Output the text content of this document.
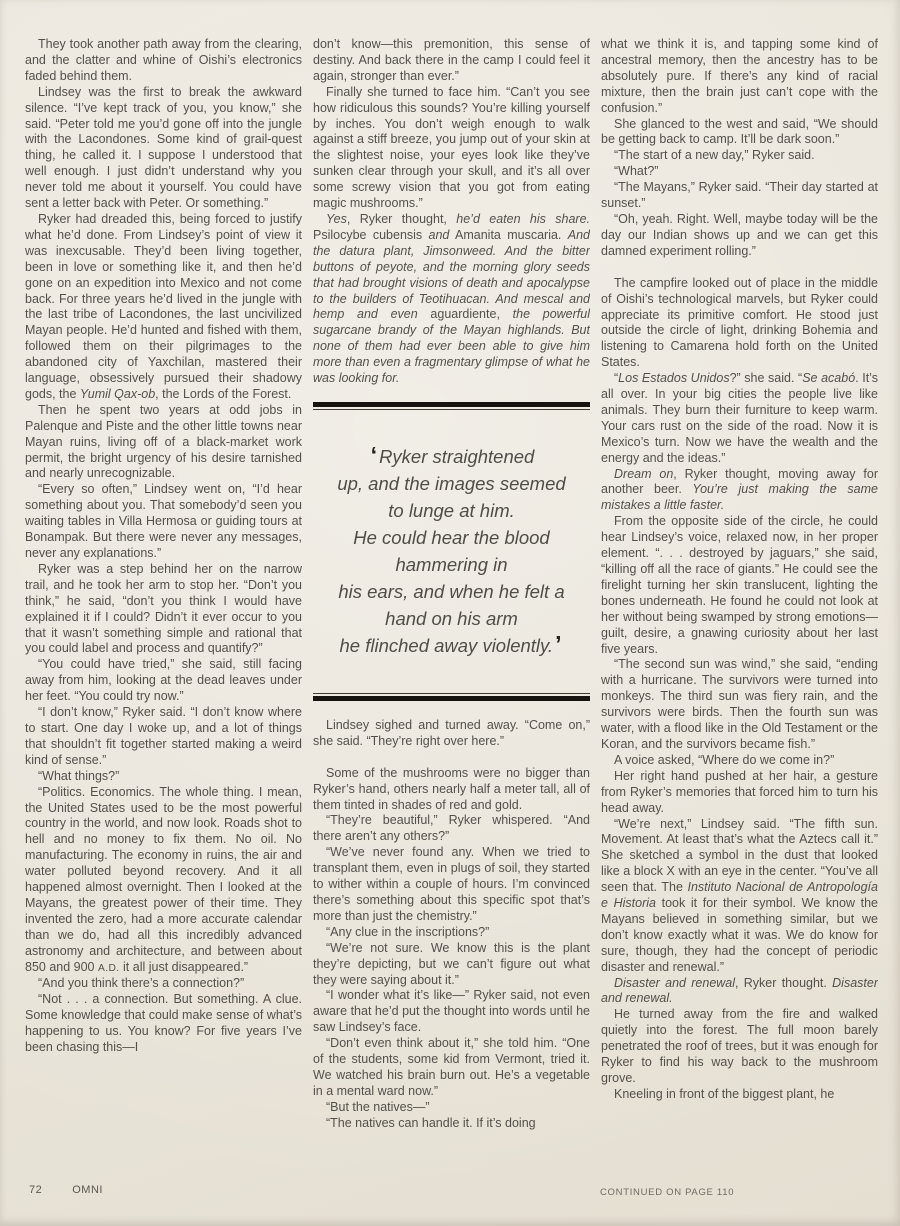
They took another path away from the clearing, and the clatter and whine of Oishi’s electronics faded behind them.

Lindsey was the first to break the awkward silence. “I’ve kept track of you, you know,” she said. “Peter told me you’d gone off into the jungle with the Lacondones. Some kind of grail-quest thing, he called it. I suppose I understood that well enough. I just didn’t understand why you never told me about it yourself. You could have sent a letter back with Peter. Or something.”

Ryker had dreaded this, being forced to justify what he’d done. From Lindsey’s point of view it was inexcusable. They’d been living together, been in love or something like it, and then he’d gone on an expedition into Mexico and not come back. For three years he’d lived in the jungle with the last tribe of Lacondones, the last uncivilized Mayan people. He’d hunted and fished with them, followed them on their pilgrimages to the abandoned city of Yaxchilan, mastered their language, obsessively pursued their shadowy gods, the Yumil Qax-ob, the Lords of the Forest.

Then he spent two years at odd jobs in Palenque and Piste and the other little towns near Mayan ruins, living off of a black-market work permit, the bright urgency of his desire tarnished and nearly unrecognizable.

“Every so often,” Lindsey went on, “I’d hear something about you. That somebody’d seen you waiting tables in Villa Hermosa or guiding tours at Bonampak. But there were never any messages, never any explanations.”

Ryker was a step behind her on the narrow trail, and he took her arm to stop her. “Don’t you think,” he said, “don’t you think I would have explained it if I could? Didn’t it ever occur to you that it wasn’t something simple and rational that you could label and process and quantify?”

“You could have tried,” she said, still facing away from him, looking at the dead leaves under her feet. “You could try now.”

“I don’t know,” Ryker said. “I don’t know where to start. One day I woke up, and a lot of things that shouldn’t fit together started making a weird kind of sense.”

“What things?”

“Politics. Economics. The whole thing. I mean, the United States used to be the most powerful country in the world, and now look. Roads shot to hell and no money to fix them. No oil. No manufacturing. The economy in ruins, the air and water polluted beyond recovery. And it all happened almost overnight. Then I looked at the Mayans, the greatest power of their time. They invented the zero, had a more accurate calendar than we do, had all this incredibly advanced astronomy and architecture, and between about 850 and 900 A.D. it all just disappeared.”

“And you think there’s a connection?”

“Not . . . a connection. But something. A clue. Some knowledge that could make sense of what’s happening to us. You know? For five years I’ve been chasing this—I

don’t know—this premonition, this sense of destiny. And back there in the camp I could feel it again, stronger than ever.”

Finally she turned to face him. “Can’t you see how ridiculous this sounds? You’re killing yourself by inches. You don’t weigh enough to walk against a stiff breeze, you jump out of your skin at the slightest noise, your eyes look like they’ve sunken clear through your skull, and it’s all over some screwy vision that you got from eating magic mushrooms.”

Yes, Ryker thought, he’d eaten his share. Psilocybe cubensis and Amanita muscaria. And the datura plant, Jimsonweed. And the bitter buttons of peyote, and the morning glory seeds that had brought visions of death and apocalypse to the builders of Teotihuacan. And mescal and hemp and even aguardiente, the powerful sugarcane brandy of the Mayan highlands. But none of them had ever been able to give him more than even a fragmentary glimpse of what he was looking for.

‘ Ryker straightened
up, and the images seemed
to lunge at him.
He could hear the blood
hammering in
his ears, and when he felt a
hand on his arm
he flinched away violently.’

Lindsey sighed and turned away. “Come on,” she said. “They’re right over here.”

Some of the mushrooms were no bigger than Ryker’s hand, others nearly half a meter tall, all of them tinted in shades of red and gold.

“They’re beautiful,” Ryker whispered. “And there aren’t any others?”

“We’ve never found any. When we tried to transplant them, even in plugs of soil, they started to wither within a couple of hours. I’m convinced there’s something about this specific spot that’s more than just the chemistry.”

“Any clue in the inscriptions?”

“We’re not sure. We know this is the plant they’re depicting, but we can’t figure out what they were saying about it.”

“I wonder what it’s like—” Ryker said, not even aware that he’d put the thought into words until he saw Lindsey’s face.

“Don’t even think about it,” she told him. “One of the students, some kid from Vermont, tried it. We watched his brain burn out. He’s a vegetable in a mental ward now.”

“But the natives—”

“The natives can handle it. If it’s doing

what we think it is, and tapping some kind of ancestral memory, then the ancestry has to be absolutely pure. If there’s any kind of racial mixture, then the brain just can’t cope with the confusion.”

She glanced to the west and said, “We should be getting back to camp. It’ll be dark soon.”

“The start of a new day,” Ryker said.

“What?”

“The Mayans,” Ryker said. “Their day started at sunset.”

“Oh, yeah. Right. Well, maybe today will be the day our Indian shows up and we can get this damned experiment rolling.”

The campfire looked out of place in the middle of Oishi’s technological marvels, but Ryker could appreciate its primitive comfort. He stood just outside the circle of light, drinking Bohemia and listening to Camarena hold forth on the United States.

“Los Estados Unidos?” she said. “Se acabó. It’s all over. In your big cities the people live like animals. They burn their furniture to keep warm. Your cars rust on the side of the road. Now it is Mexico’s turn. Now we have the wealth and the energy and the ideas.”

Dream on, Ryker thought, moving away for another beer. You’re just making the same mistakes a little faster.

From the opposite side of the circle, he could hear Lindsey’s voice, relaxed now, in her proper element. “. . . destroyed by jaguars,” she said, “killing off all the race of giants.” He could see the firelight turning her skin translucent, lighting the bones underneath. He found he could not look at her without being swamped by strong emotions—guilt, desire, a gnawing curiosity about her last five years.

“The second sun was wind,” she said, “ending with a hurricane. The survivors were turned into monkeys. The third sun was fiery rain, and the survivors were birds. Then the fourth sun was water, with a flood like in the Old Testament or the Koran, and the survivors became fish.”

A voice asked, “Where do we come in?”

Her right hand pushed at her hair, a gesture from Ryker’s memories that forced him to turn his head away.

“We’re next,” Lindsey said. “The fifth sun. Movement. At least that’s what the Aztecs call it.” She sketched a symbol in the dust that looked like a block X with an eye in the center. “You’ve all seen that. The Instituto Nacional de Antropología e Historia took it for their symbol. We know the Mayans believed in something similar, but we don’t know exactly what it was. We do know for sure, though, they had the concept of periodic disaster and renewal.”

Disaster and renewal, Ryker thought. Disaster and renewal.

He turned away from the fire and walked quietly into the forest. The full moon barely penetrated the roof of trees, but it was enough for Ryker to find his way back to the mushroom grove.

Kneeling in front of the biggest plant, he

72	OMNI	CONTINUED ON PAGE 110
